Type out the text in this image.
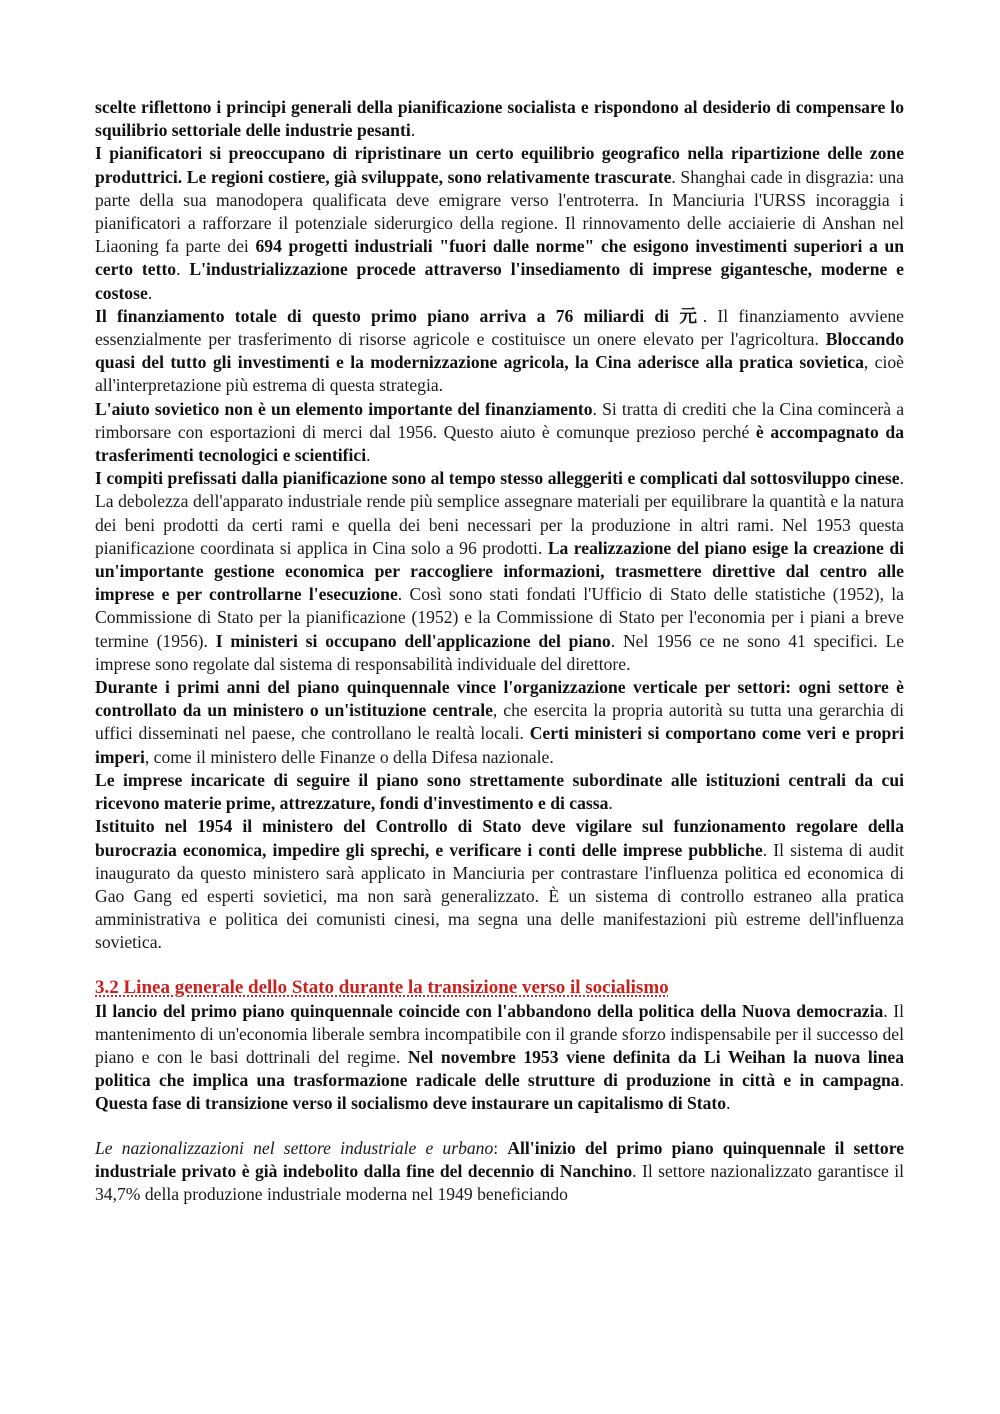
scelte riflettono i principi generali della pianificazione socialista e rispondono al desiderio di compensare lo squilibrio settoriale delle industrie pesanti.

I pianificatori si preoccupano di ripristinare un certo equilibrio geografico nella ripartizione delle zone produttrici. Le regioni costiere, già sviluppate, sono relativamente trascurate. Shanghai cade in disgrazia: una parte della sua manodopera qualificata deve emigrare verso l'entroterra. In Manciuria l'URSS incoraggia i pianificatori a rafforzare il potenziale siderurgico della regione. Il rinnovamento delle acciaierie di Anshan nel Liaoning fa parte dei 694 progetti industriali "fuori dalle norme" che esigono investimenti superiori a un certo tetto. L'industrializzazione procede attraverso l'insediamento di imprese gigantesche, moderne e costose.

Il finanziamento totale di questo primo piano arriva a 76 miliardi di 元. Il finanziamento avviene essenzialmente per trasferimento di risorse agricole e costituisce un onere elevato per l'agricoltura. Bloccando quasi del tutto gli investimenti e la modernizzazione agricola, la Cina aderisce alla pratica sovietica, cioè all'interpretazione più estrema di questa strategia.

L'aiuto sovietico non è un elemento importante del finanziamento. Si tratta di crediti che la Cina comincerà a rimborsare con esportazioni di merci dal 1956. Questo aiuto è comunque prezioso perché è accompagnato da trasferimenti tecnologici e scientifici.

I compiti prefissati dalla pianificazione sono al tempo stesso alleggeriti e complicati dal sottosviluppo cinese. La debolezza dell'apparato industriale rende più semplice assegnare materiali per equilibrare la quantità e la natura dei beni prodotti da certi rami e quella dei beni necessari per la produzione in altri rami. Nel 1953 questa pianificazione coordinata si applica in Cina solo a 96 prodotti. La realizzazione del piano esige la creazione di un'importante gestione economica per raccogliere informazioni, trasmettere direttive dal centro alle imprese e per controllarne l'esecuzione. Così sono stati fondati l'Ufficio di Stato delle statistiche (1952), la Commissione di Stato per la pianificazione (1952) e la Commissione di Stato per l'economia per i piani a breve termine (1956). I ministeri si occupano dell'applicazione del piano. Nel 1956 ce ne sono 41 specifici. Le imprese sono regolate dal sistema di responsabilità individuale del direttore.

Durante i primi anni del piano quinquennale vince l'organizzazione verticale per settori: ogni settore è controllato da un ministero o un'istituzione centrale, che esercita la propria autorità su tutta una gerarchia di uffici disseminati nel paese, che controllano le realtà locali. Certi ministeri si comportano come veri e propri imperi, come il ministero delle Finanze o della Difesa nazionale.

Le imprese incaricate di seguire il piano sono strettamente subordinate alle istituzioni centrali da cui ricevono materie prime, attrezzature, fondi d'investimento e di cassa.

Istituito nel 1954 il ministero del Controllo di Stato deve vigilare sul funzionamento regolare della burocrazia economica, impedire gli sprechi, e verificare i conti delle imprese pubbliche. Il sistema di audit inaugurato da questo ministero sarà applicato in Manciuria per contrastare l'influenza politica ed economica di Gao Gang ed esperti sovietici, ma non sarà generalizzato. È un sistema di controllo estraneo alla pratica amministrativa e politica dei comunisti cinesi, ma segna una delle manifestazioni più estreme dell'influenza sovietica.

3.2 Linea generale dello Stato durante la transizione verso il socialismo

Il lancio del primo piano quinquennale coincide con l'abbandono della politica della Nuova democrazia. Il mantenimento di un'economia liberale sembra incompatibile con il grande sforzo indispensabile per il successo del piano e con le basi dottrinali del regime. Nel novembre 1953 viene definita da Li Weihan la nuova linea politica che implica una trasformazione radicale delle strutture di produzione in città e in campagna. Questa fase di transizione verso il socialismo deve instaurare un capitalismo di Stato.

Le nazionalizzazioni nel settore industriale e urbano: All'inizio del primo piano quinquennale il settore industriale privato è già indebolito dalla fine del decennio di Nanchino. Il settore nazionalizzato garantisce il 34,7% della produzione industriale moderna nel 1949 beneficiando
